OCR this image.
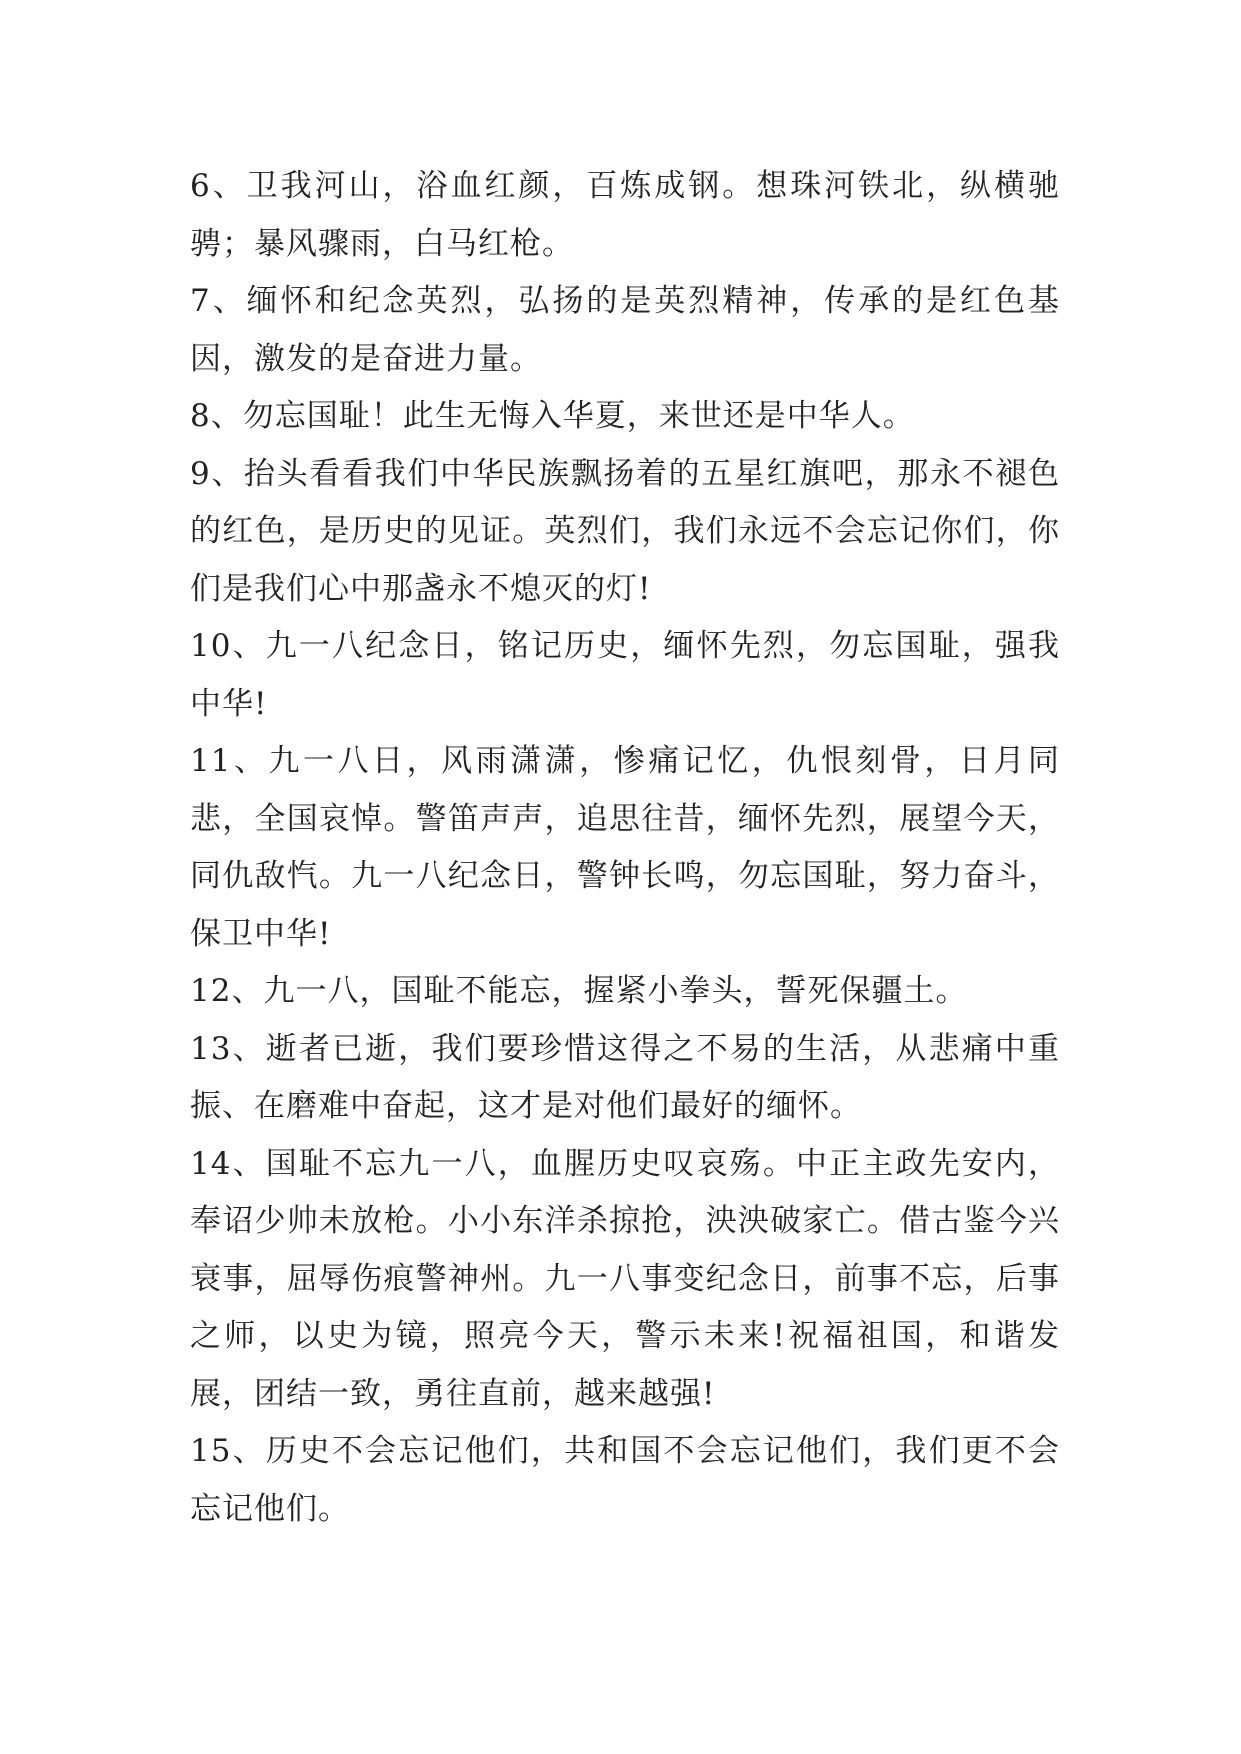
6、卫我河山，浴血红颜，百炼成钢。想珠河铁北，纵横驰骋；暴风骤雨，白马红枪。

7、缅怀和纪念英烈，弘扬的是英烈精神，传承的是红色基因，激发的是奋进力量。

8、勿忘国耻！此生无悔入华夏，来世还是中华人。

9、抬头看看我们中华民族飘扬着的五星红旗吧，那永不褪色的红色，是历史的见证。英烈们，我们永远不会忘记你们，你们是我们心中那盏永不熄灭的灯!

10、九一八纪念日，铭记历史，缅怀先烈，勿忘国耻，强我中华!

11、九一八日，风雨潇潇，惨痛记忆，仇恨刻骨，日月同悲，全国哀悼。警笛声声，追思往昔，缅怀先烈，展望今天，同仇敌忾。九一八纪念日，警钟长鸣，勿忘国耻，努力奋斗，保卫中华!

12、九一八，国耻不能忘，握紧小拳头，誓死保疆土。

13、逝者已逝，我们要珍惜这得之不易的生活，从悲痛中重振、在磨难中奋起，这才是对他们最好的缅怀。

14、国耻不忘九一八，血腥历史叹哀殇。中正主政先安内，奉诏少帅未放枪。小小东洋杀掠抢，泱泱破家亡。借古鉴今兴衰事，屈辱伤痕警神州。九一八事变纪念日，前事不忘，后事之师，以史为镜，照亮今天，警示未来!祝福祖国，和谐发展，团结一致，勇往直前，越来越强!

15、历史不会忘记他们，共和国不会忘记他们，我们更不会忘记他们。
